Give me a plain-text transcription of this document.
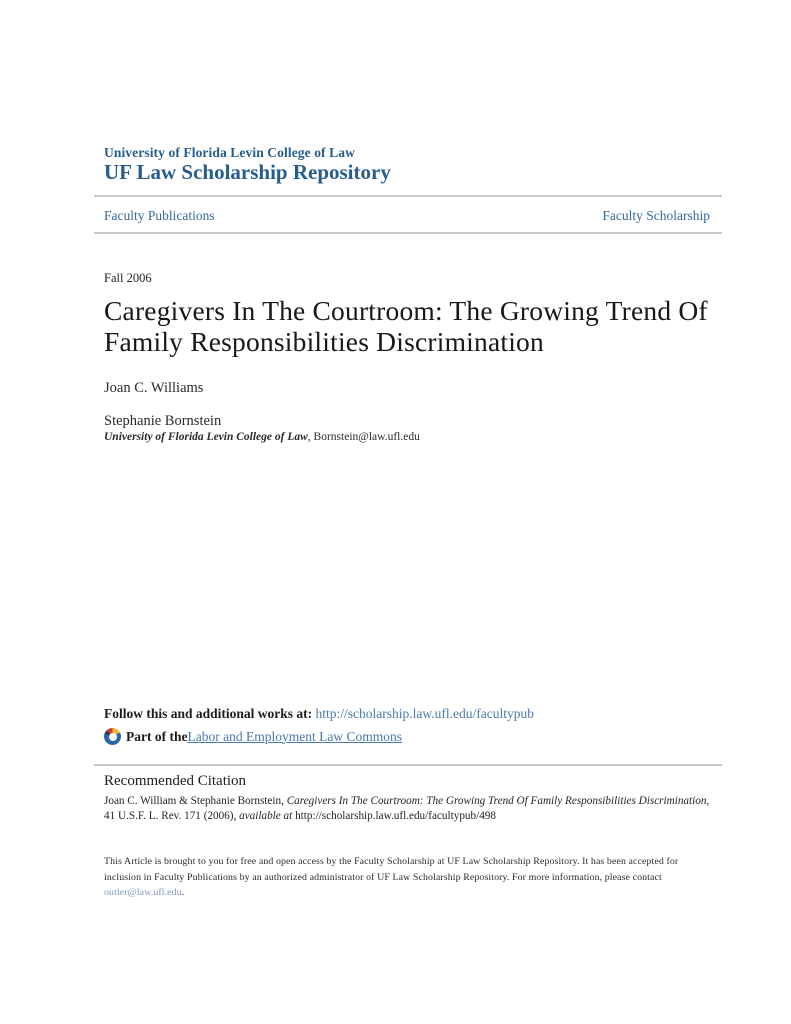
University of Florida Levin College of Law
UF Law Scholarship Repository
Faculty Publications	Faculty Scholarship
Fall 2006
Caregivers In The Courtroom: The Growing Trend Of Family Responsibilities Discrimination
Joan C. Williams
Stephanie Bornstein
University of Florida Levin College of Law, Bornstein@law.ufl.edu
Follow this and additional works at: http://scholarship.law.ufl.edu/facultypub
Part of the Labor and Employment Law Commons
Recommended Citation

Joan C. William & Stephanie Bornstein, Caregivers In The Courtroom: The Growing Trend Of Family Responsibilities Discrimination, 41 U.S.F. L. Rev. 171 (2006), available at http://scholarship.law.ufl.edu/facultypub/498

This Article is brought to you for free and open access by the Faculty Scholarship at UF Law Scholarship Repository. It has been accepted for inclusion in Faculty Publications by an authorized administrator of UF Law Scholarship Repository. For more information, please contact outler@law.ufl.edu.
